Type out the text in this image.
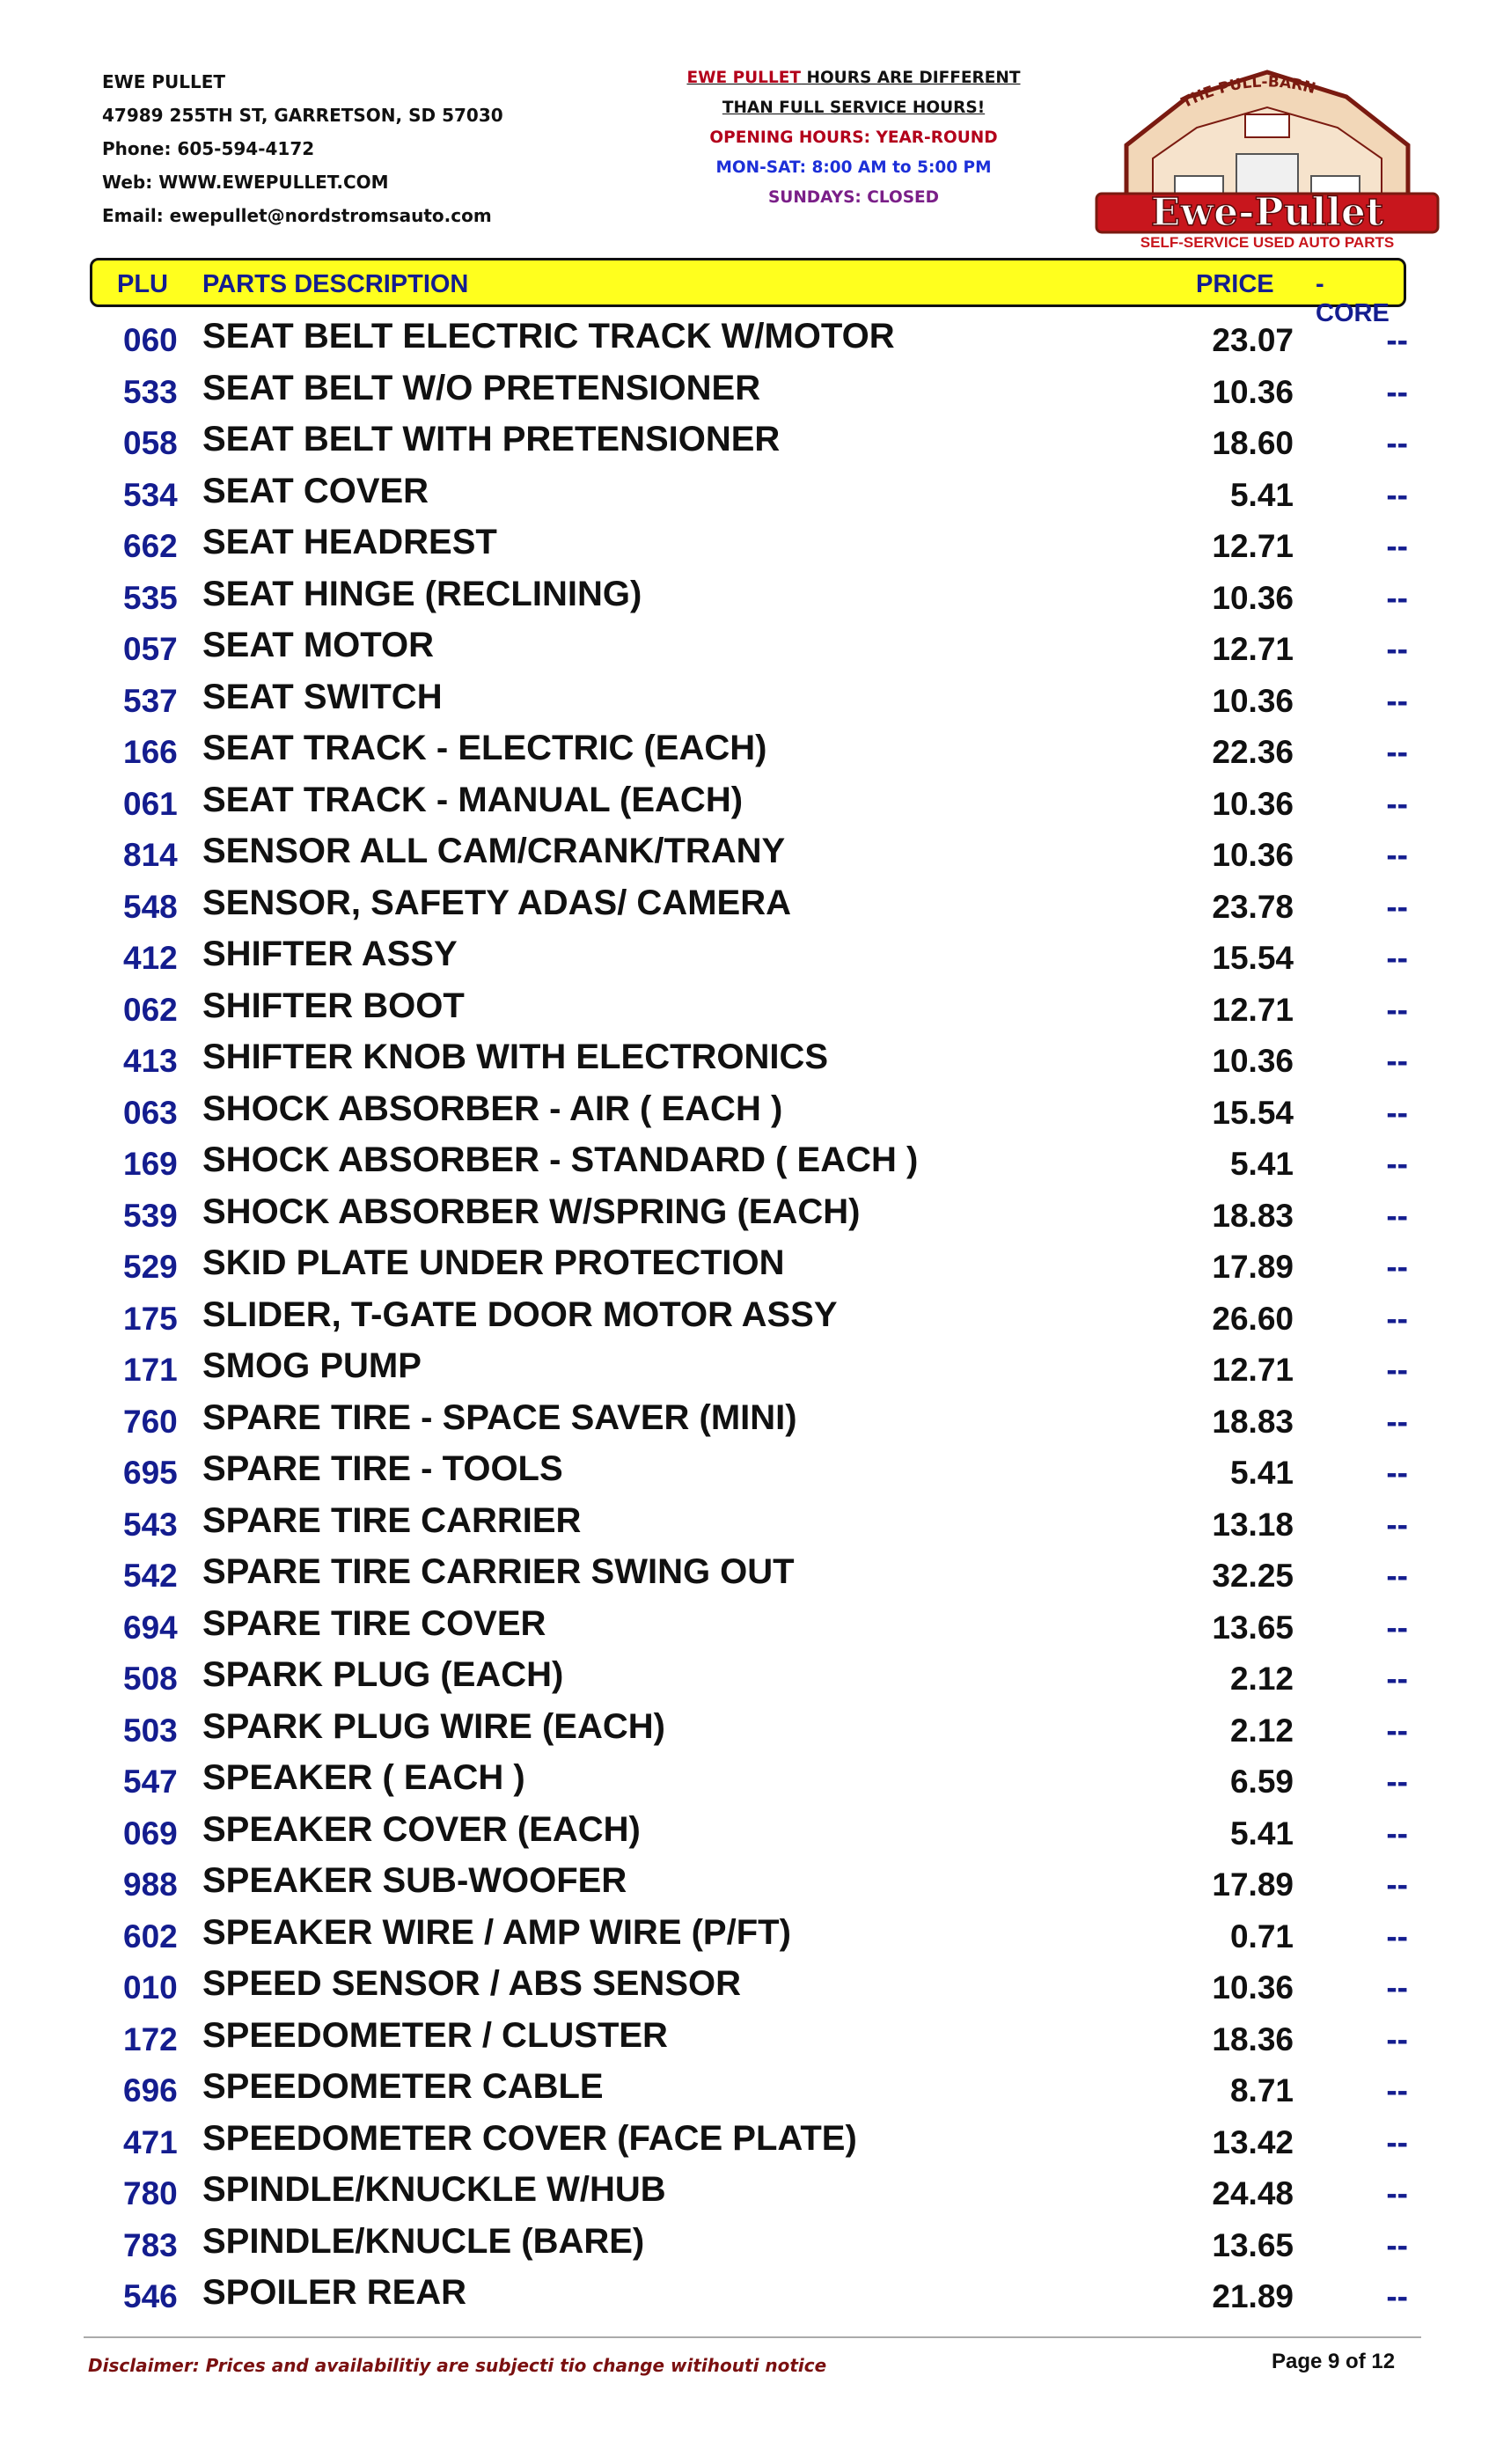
EWE PULLET
47989 255TH ST, GARRETSON, SD 57030
Phone: 605-594-4172
Web: WWW.EWEPULLET.COM
Email: ewepullet@nordstromsauto.com
EWE PULLET HOURS ARE DIFFERENT
THAN FULL SERVICE HOURS!
OPENING HOURS: YEAR-ROUND
MON-SAT: 8:00 AM to 5:00 PM
SUNDAYS: CLOSED
THE PULL-BARN
Ewe-Pullet
SELF-SERVICE USED AUTO PARTS
PLU PARTS DESCRIPTION	PRICE - CORE
060 SEAT BELT ELECTRIC TRACK W/MOTOR	23.07	--
533 SEAT BELT W/O PRETENSIONER	10.36	--
058 SEAT BELT WITH PRETENSIONER	18.60	--
534 SEAT COVER	5.41	--
662 SEAT HEADREST	12.71	--
535 SEAT HINGE (RECLINING)	10.36	--
057 SEAT MOTOR	12.71	--
537 SEAT SWITCH	10.36	--
166 SEAT TRACK - ELECTRIC (EACH)	22.36	--
061 SEAT TRACK - MANUAL (EACH)	10.36	--
814 SENSOR ALL CAM/CRANK/TRANY	10.36	--
548 SENSOR, SAFETY ADAS/ CAMERA	23.78	--
412 SHIFTER ASSY	15.54	--
062 SHIFTER BOOT	12.71	--
413 SHIFTER KNOB WITH ELECTRONICS	10.36	--
063 SHOCK ABSORBER - AIR ( EACH )	15.54	--
169 SHOCK ABSORBER - STANDARD ( EACH )	5.41	--
539 SHOCK ABSORBER W/SPRING (EACH)	18.83	--
529 SKID PLATE UNDER PROTECTION	17.89	--
175 SLIDER, T-GATE DOOR MOTOR ASSY	26.60	--
171 SMOG PUMP	12.71	--
760 SPARE TIRE - SPACE SAVER (MINI)	18.83	--
695 SPARE TIRE - TOOLS	5.41	--
543 SPARE TIRE CARRIER	13.18	--
542 SPARE TIRE CARRIER SWING OUT	32.25	--
694 SPARE TIRE COVER	13.65	--
508 SPARK PLUG (EACH)	2.12	--
503 SPARK PLUG WIRE (EACH)	2.12	--
547 SPEAKER ( EACH )	6.59	--
069 SPEAKER COVER (EACH)	5.41	--
988 SPEAKER SUB-WOOFER	17.89	--
602 SPEAKER WIRE / AMP WIRE (P/FT)	0.71	--
010 SPEED SENSOR / ABS SENSOR	10.36	--
172 SPEEDOMETER / CLUSTER	18.36	--
696 SPEEDOMETER CABLE	8.71	--
471 SPEEDOMETER COVER (FACE PLATE)	13.42	--
780 SPINDLE/KNUCKLE W/HUB	24.48	--
783 SPINDLE/KNUCLE (BARE)	13.65	--
546 SPOILER REAR	21.89	--
Disclaimer: Prices and availabilitiy are subjecti tio change witihouti notice	Page 9 of 12
